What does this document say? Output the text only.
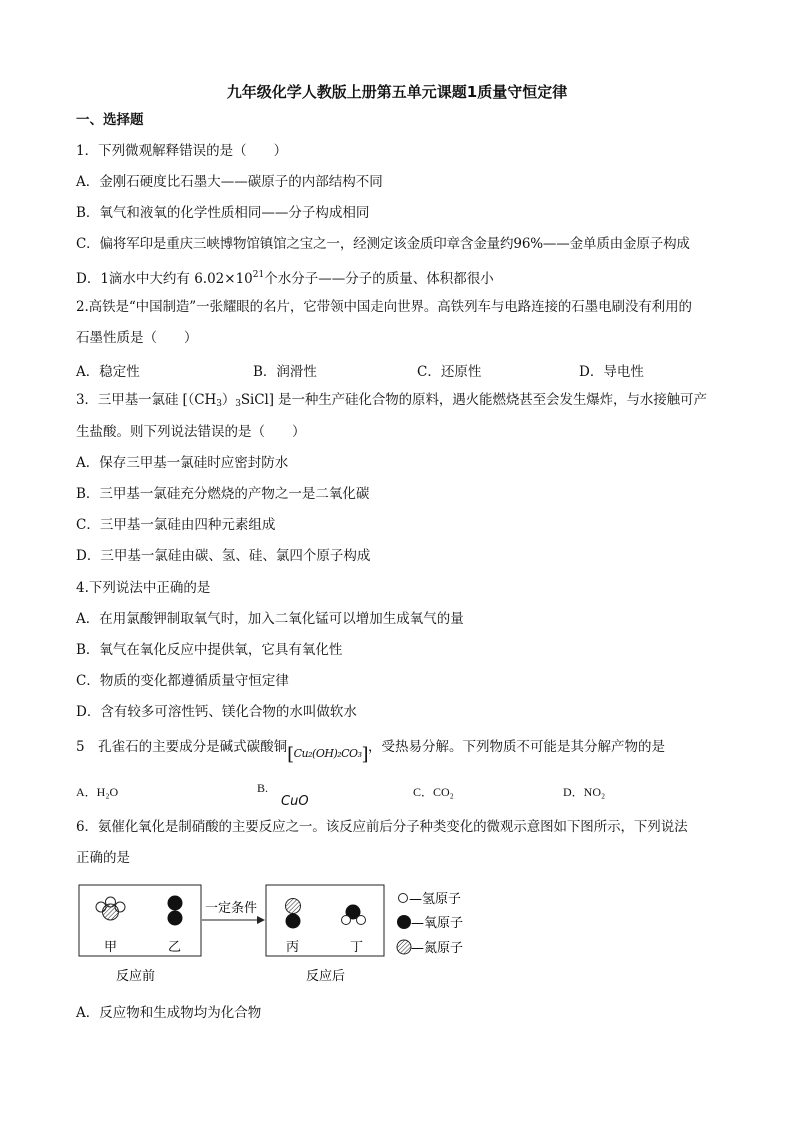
九年级化学人教版上册第五单元课题1质量守恒定律
一、选择题
1．下列微观解释错误的是（　　）
A．金刚石硬度比石墨大——碳原子的内部结构不同
B．氧气和液氧的化学性质相同——分子构成相同
C．偏将军印是重庆三峡博物馆镇馆之宝之一，经测定该金质印章含金量约96%——金单质由金原子构成
D．1滴水中大约有 $6.02\times 10^{21}$个水分子——分子的质量、体积都很小
2.高铁是“中国制造”一张耀眼的名片，它带领中国走向世界。高铁列车与电路连接的石墨电刷没有利用的
石墨性质是（　　）
A．稳定性	B．润滑性	C．还原性	D．导电性
3．三甲基一氯硅 $[(CH_3)_3SiCl]$ 是一种生产硅化合物的原料，遇火能燃烧甚至会发生爆炸，与水接触可产
生盐酸。则下列说法错误的是（　　）
A．保存三甲基一氯硅时应密封防水
B．三甲基一氯硅充分燃烧的产物之一是二氧化碳
C．三甲基一氯硅由四种元素组成
D．三甲基一氯硅由碳、氢、硅、氯四个原子构成
4.下列说法中正确的是
A．在用氯酸钾制取氧气时，加入二氧化锰可以增加生成氧气的量
B．氧气在氧化反应中提供氧，它具有氧化性
C．物质的变化都遵循质量守恒定律
D．含有较多可溶性钙、镁化合物的水叫做软水
5　孔雀石的主要成分是碱式碳酸铜$_{[Cu_2(OH)_2CO_3]}$，受热易分解。下列物质不可能是其分解产物的是
A．H₂O	B.
CuO
C．CO₂	D．NO₂
6．氨催化氧化是制硝酸的主要反应之一。该反应前后分子种类变化的微观示意图如下图所示，下列说法
正确的是
甲	乙
反应前
一定条件
丙	丁
反应后
—氢原子
—氧原子
—氮原子
A．反应物和生成物均为化合物
